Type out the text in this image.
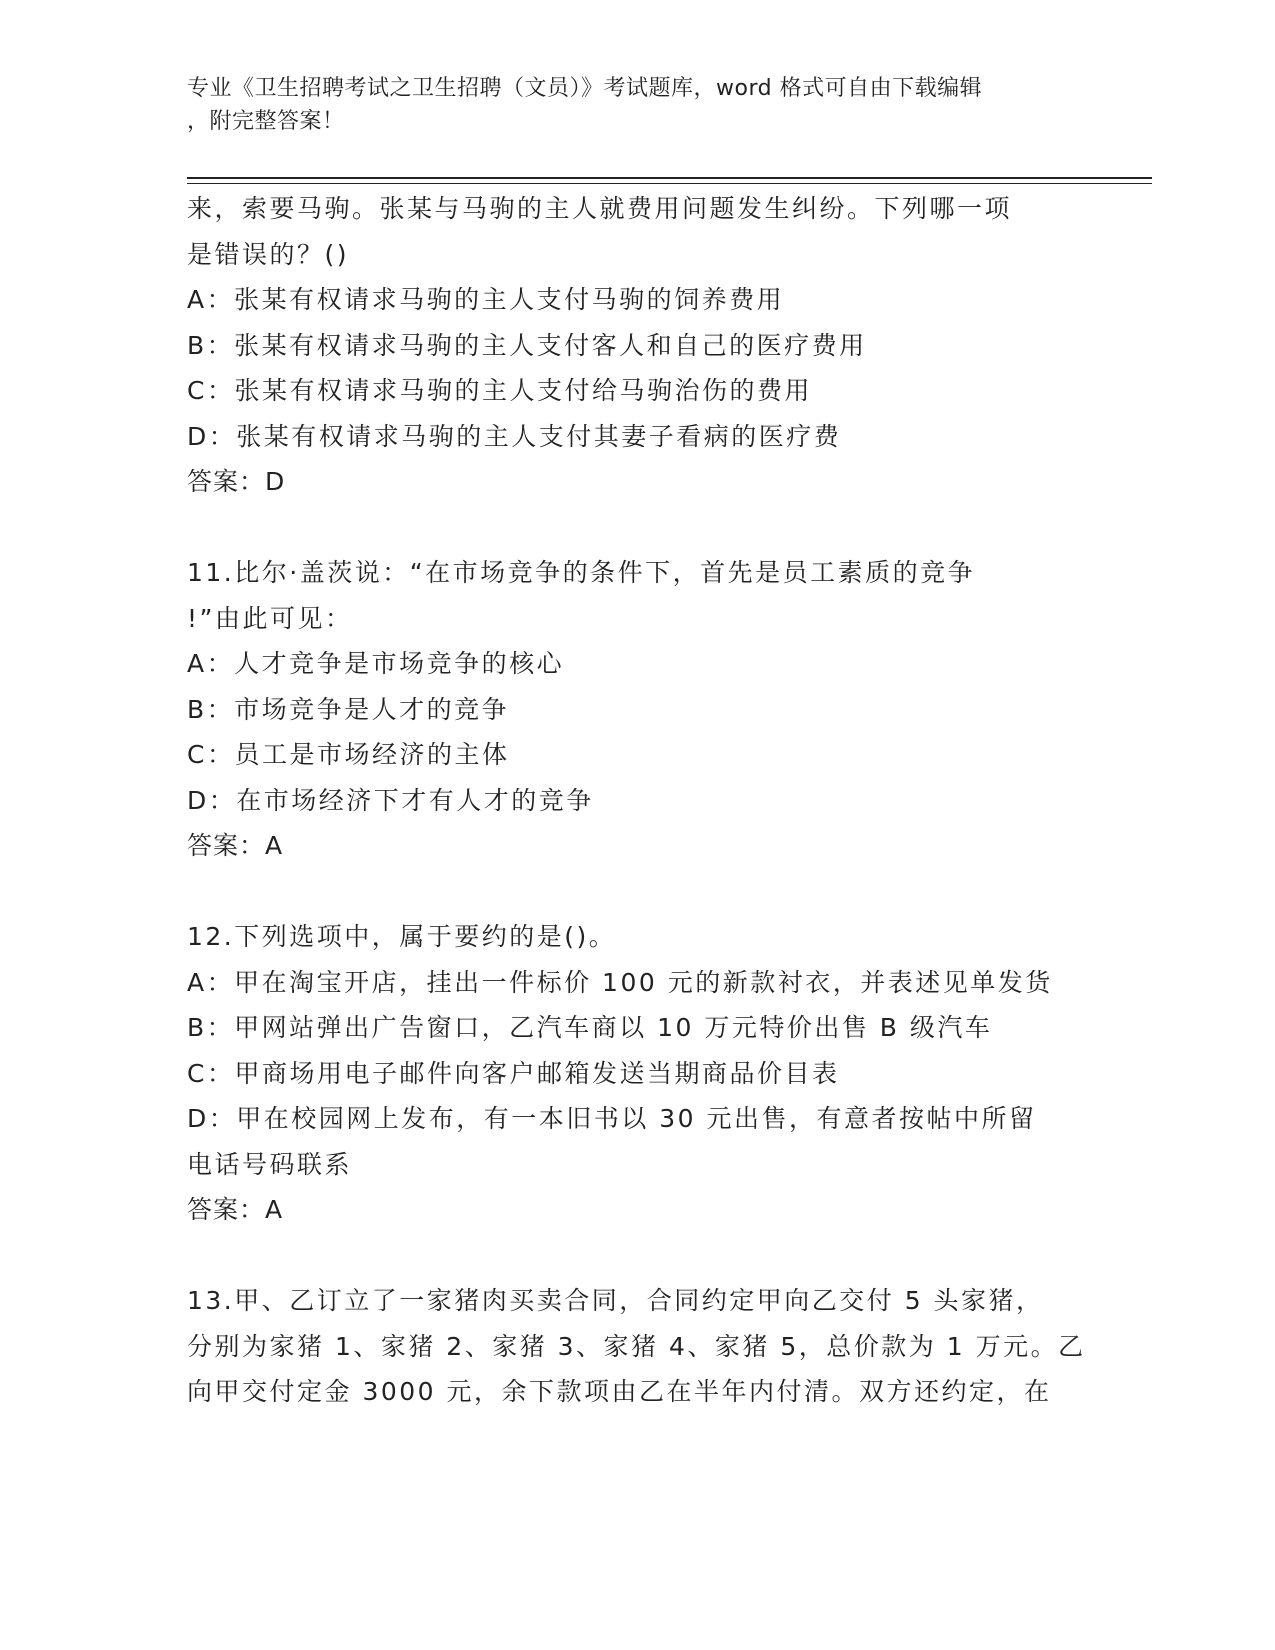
专业《卫生招聘考试之卫生招聘（文员）》考试题库，word 格式可自由下载编辑
，附完整答案！
来，索要马驹。张某与马驹的主人就费用问题发生纠纷。下列哪一项
是错误的？()
A：张某有权请求马驹的主人支付马驹的饲养费用
B：张某有权请求马驹的主人支付客人和自己的医疗费用
C：张某有权请求马驹的主人支付给马驹治伤的费用
D：张某有权请求马驹的主人支付其妻子看病的医疗费
答案：D
11.比尔·盖茨说：“在市场竞争的条件下，首先是员工素质的竞争
!”由此可见：
A：人才竞争是市场竞争的核心
B：市场竞争是人才的竞争
C：员工是市场经济的主体
D：在市场经济下才有人才的竞争
答案：A
12.下列选项中，属于要约的是()。
A：甲在淘宝开店，挂出一件标价 100 元的新款衬衣，并表述见单发货
B：甲网站弹出广告窗口，乙汽车商以 10 万元特价出售 B 级汽车
C：甲商场用电子邮件向客户邮箱发送当期商品价目表
D：甲在校园网上发布，有一本旧书以 30 元出售，有意者按帖中所留
电话号码联系
答案：A
13.甲、乙订立了一家猪肉买卖合同，合同约定甲向乙交付 5 头家猪，
分别为家猪 1、家猪 2、家猪 3、家猪 4、家猪 5，总价款为 1 万元。乙
向甲交付定金 3000 元，余下款项由乙在半年内付清。双方还约定，在
